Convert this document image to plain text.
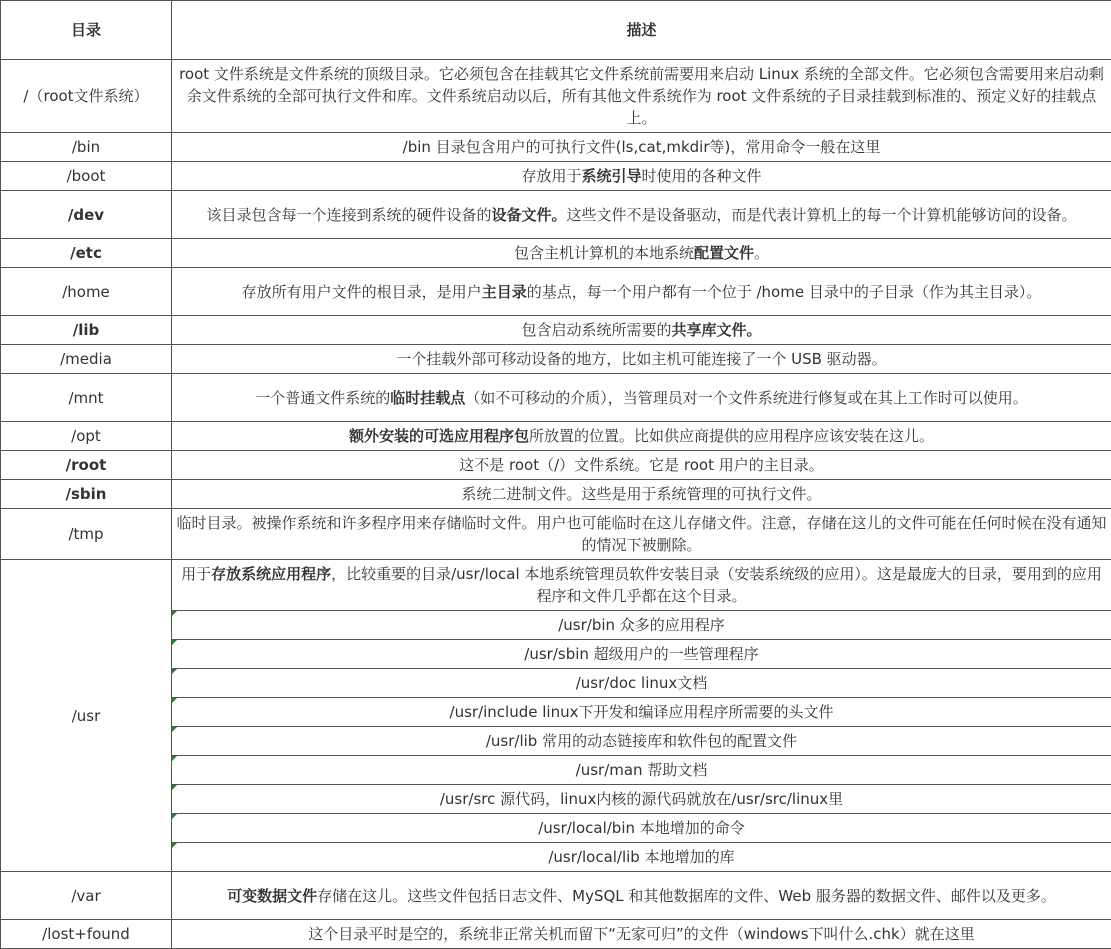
目录	描述
/（root文件系统）	root 文件系统是文件系统的顶级目录。它必须包含在挂载其它文件系统前需要用来启动 Linux 系统的全部文件。它必须包含需要用来启动剩余文件系统的全部可执行文件和库。文件系统启动以后，所有其他文件系统作为 root 文件系统的子目录挂载到标准的、预定义好的挂载点上。
/bin	/bin 目录包含用户的可执行文件(ls,cat,mkdir等)，常用命令一般在这里
/boot	存放用于系统引导时使用的各种文件
/dev	该目录包含每一个连接到系统的硬件设备的设备文件。这些文件不是设备驱动，而是代表计算机上的每一个计算机能够访问的设备。
/etc	包含主机计算机的本地系统配置文件。
/home	存放所有用户文件的根目录，是用户主目录的基点，每一个用户都有一个位于 /home 目录中的子目录（作为其主目录）。
/lib	包含启动系统所需要的共享库文件。
/media	一个挂载外部可移动设备的地方，比如主机可能连接了一个 USB 驱动器。
/mnt	一个普通文件系统的临时挂载点（如不可移动的介质），当管理员对一个文件系统进行修复或在其上工作时可以使用。
/opt	额外安装的可选应用程序包所放置的位置。比如供应商提供的应用程序应该安装在这儿。
/root	这不是 root（/）文件系统。它是 root 用户的主目录。
/sbin	系统二进制文件。这些是用于系统管理的可执行文件。
/tmp	临时目录。被操作系统和许多程序用来存储临时文件。用户也可能临时在这儿存储文件。注意，存储在这儿的文件可能在任何时候在没有通知的情况下被删除。
/usr	用于存放系统应用程序，比较重要的目录/usr/local 本地系统管理员软件安装目录（安装系统级的应用）。这是最庞大的目录，要用到的应用程序和文件几乎都在这个目录。
	/usr/bin 众多的应用程序
	/usr/sbin 超级用户的一些管理程序
	/usr/doc linux文档
	/usr/include linux下开发和编译应用程序所需要的头文件
	/usr/lib 常用的动态链接库和软件包的配置文件
	/usr/man 帮助文档
	/usr/src 源代码，linux内核的源代码就放在/usr/src/linux里
	/usr/local/bin 本地增加的命令
	/usr/local/lib 本地增加的库
/var	可变数据文件存储在这儿。这些文件包括日志文件、MySQL 和其他数据库的文件、Web 服务器的数据文件、邮件以及更多。
/lost+found	这个目录平时是空的，系统非正常关机而留下“无家可归”的文件（windows下叫什么.chk）就在这里
